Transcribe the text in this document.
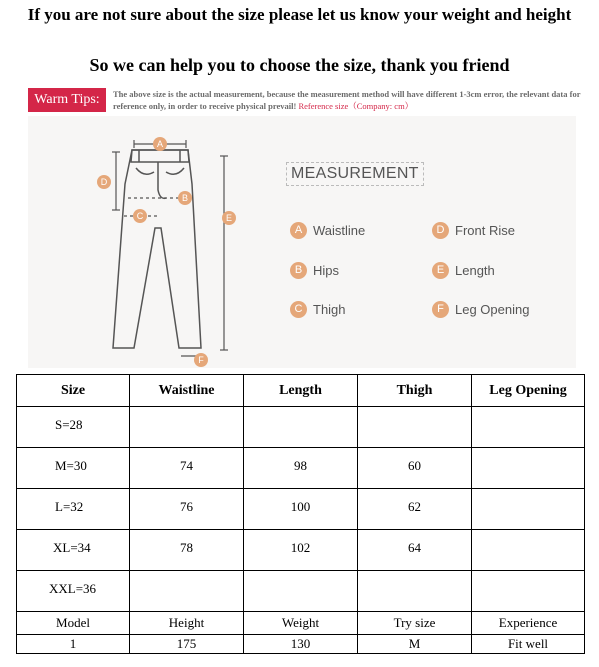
If you are not sure about the size please let us know your weight and height
So we can help you to choose the size, thank you friend
Warm Tips:	The above size is the actual measurement, because the measurement method will have different 1-3cm error, the relevant data for reference only, in order to receive physical prevail! Reference size（Company: cm）
A
B
C
D
E
F
MEASUREMENT
A Waistline
B Hips
C Thigh
D Front Rise
E Length
F Leg Opening
Size	Waistline	Length	Thigh	Leg Opening
S=28				
M=30	74	98	60	
L=32	76	100	62	
XL=34	78	102	64	
XXL=36				
Model	Height	Weight	Try size	Experience
1	175	130	M	Fit well
